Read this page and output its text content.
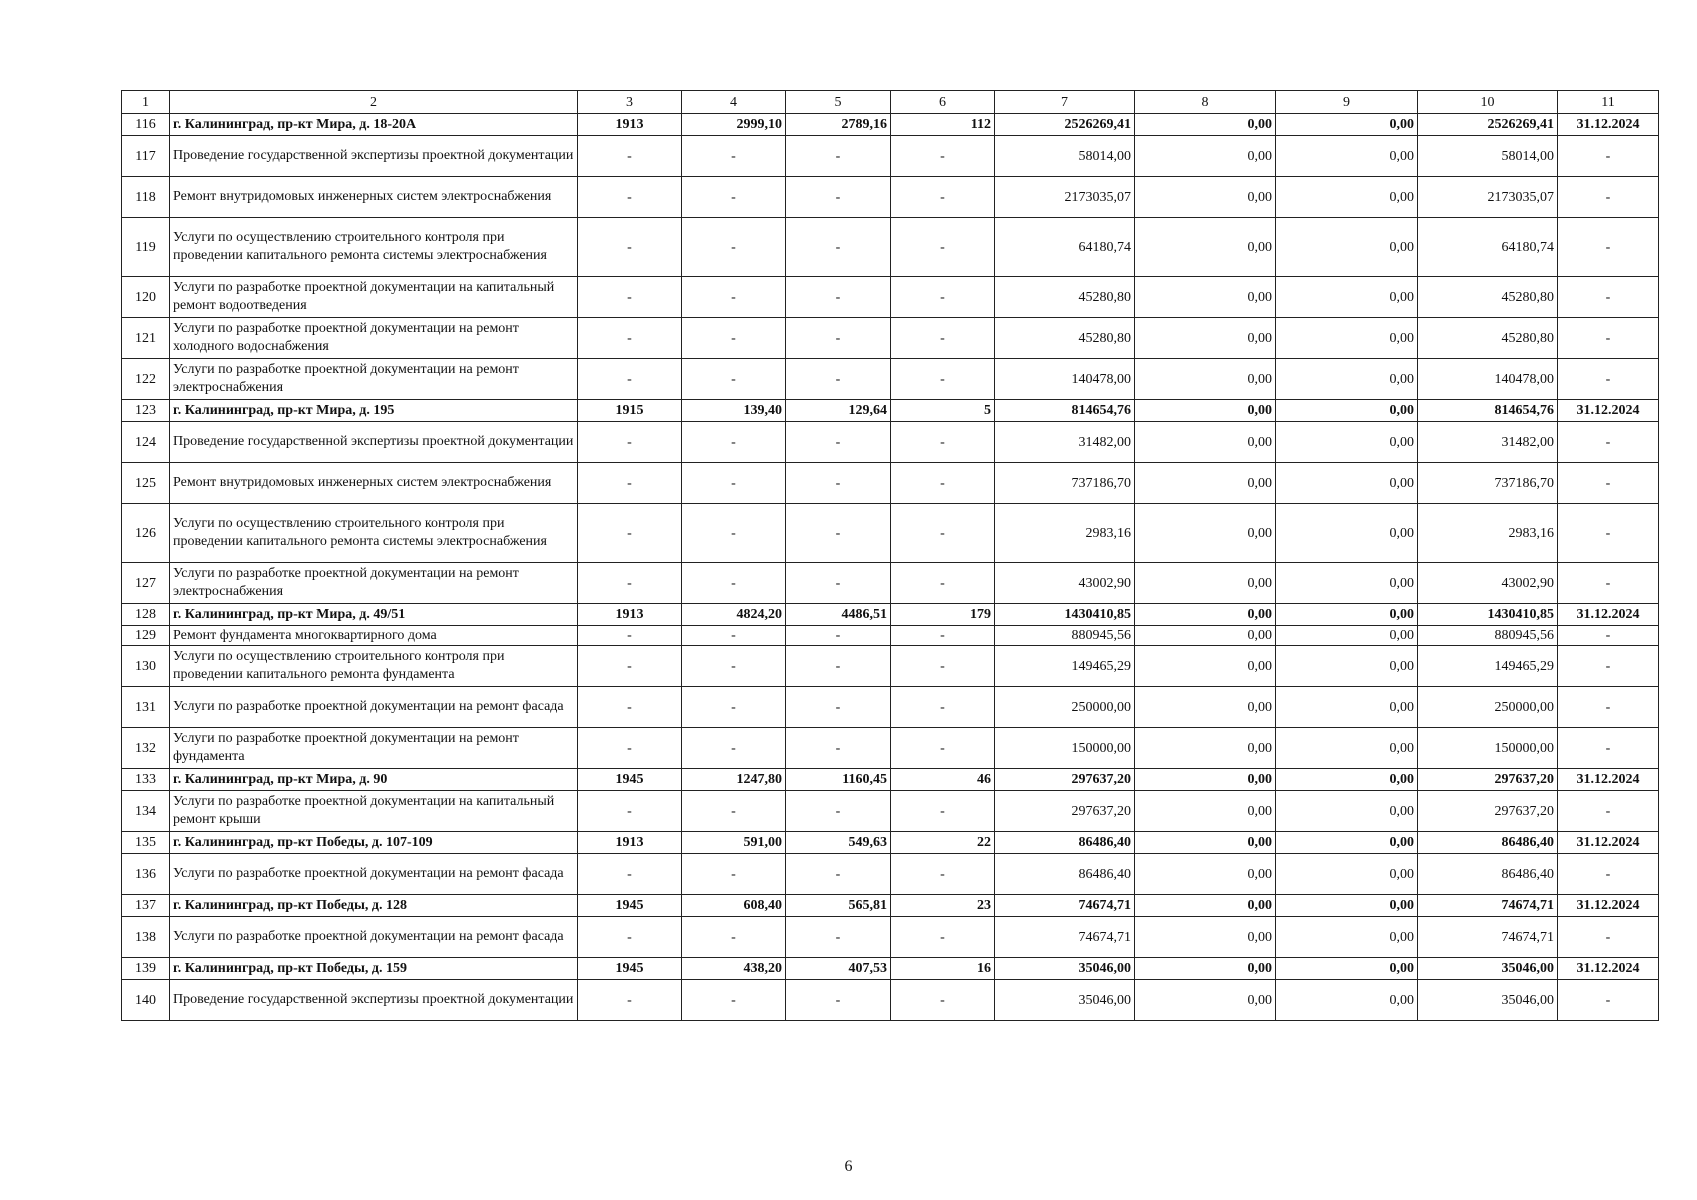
1	2	3	4	5	6	7	8	9	10	11
116	г. Калининград, пр-кт Мира, д. 18-20А	1913	2999,10	2789,16	112	2526269,41	0,00	0,00	2526269,41	31.12.2024
117	Проведение государственной экспертизы проектной документации	-	-	-	-	58014,00	0,00	0,00	58014,00	-
118	Ремонт внутридомовых инженерных систем электроснабжения	-	-	-	-	2173035,07	0,00	0,00	2173035,07	-
119	Услуги по осуществлению строительного контроля при проведении капитального ремонта системы электроснабжения	-	-	-	-	64180,74	0,00	0,00	64180,74	-
120	Услуги по разработке проектной документации на капитальный ремонт водоотведения	-	-	-	-	45280,80	0,00	0,00	45280,80	-
121	Услуги по разработке проектной документации на ремонт холодного водоснабжения	-	-	-	-	45280,80	0,00	0,00	45280,80	-
122	Услуги по разработке проектной документации на ремонт электроснабжения	-	-	-	-	140478,00	0,00	0,00	140478,00	-
123	г. Калининград, пр-кт Мира, д. 195	1915	139,40	129,64	5	814654,76	0,00	0,00	814654,76	31.12.2024
124	Проведение государственной экспертизы проектной документации	-	-	-	-	31482,00	0,00	0,00	31482,00	-
125	Ремонт внутридомовых инженерных систем электроснабжения	-	-	-	-	737186,70	0,00	0,00	737186,70	-
126	Услуги по осуществлению строительного контроля при проведении капитального ремонта системы электроснабжения	-	-	-	-	2983,16	0,00	0,00	2983,16	-
127	Услуги по разработке проектной документации на ремонт электроснабжения	-	-	-	-	43002,90	0,00	0,00	43002,90	-
128	г. Калининград, пр-кт Мира, д. 49/51	1913	4824,20	4486,51	179	1430410,85	0,00	0,00	1430410,85	31.12.2024
129	Ремонт фундамента многоквартирного дома	-	-	-	-	880945,56	0,00	0,00	880945,56	-
130	Услуги по осуществлению строительного контроля при проведении капитального ремонта фундамента	-	-	-	-	149465,29	0,00	0,00	149465,29	-
131	Услуги по разработке проектной документации на ремонт фасада	-	-	-	-	250000,00	0,00	0,00	250000,00	-
132	Услуги по разработке проектной документации на ремонт фундамента	-	-	-	-	150000,00	0,00	0,00	150000,00	-
133	г. Калининград, пр-кт Мира, д. 90	1945	1247,80	1160,45	46	297637,20	0,00	0,00	297637,20	31.12.2024
134	Услуги по разработке проектной документации на капитальный ремонт крыши	-	-	-	-	297637,20	0,00	0,00	297637,20	-
135	г. Калининград, пр-кт Победы, д. 107-109	1913	591,00	549,63	22	86486,40	0,00	0,00	86486,40	31.12.2024
136	Услуги по разработке проектной документации на ремонт фасада	-	-	-	-	86486,40	0,00	0,00	86486,40	-
137	г. Калининград, пр-кт Победы, д. 128	1945	608,40	565,81	23	74674,71	0,00	0,00	74674,71	31.12.2024
138	Услуги по разработке проектной документации на ремонт фасада	-	-	-	-	74674,71	0,00	0,00	74674,71	-
139	г. Калининград, пр-кт Победы, д. 159	1945	438,20	407,53	16	35046,00	0,00	0,00	35046,00	31.12.2024
140	Проведение государственной экспертизы проектной документации	-	-	-	-	35046,00	0,00	0,00	35046,00	-
6
